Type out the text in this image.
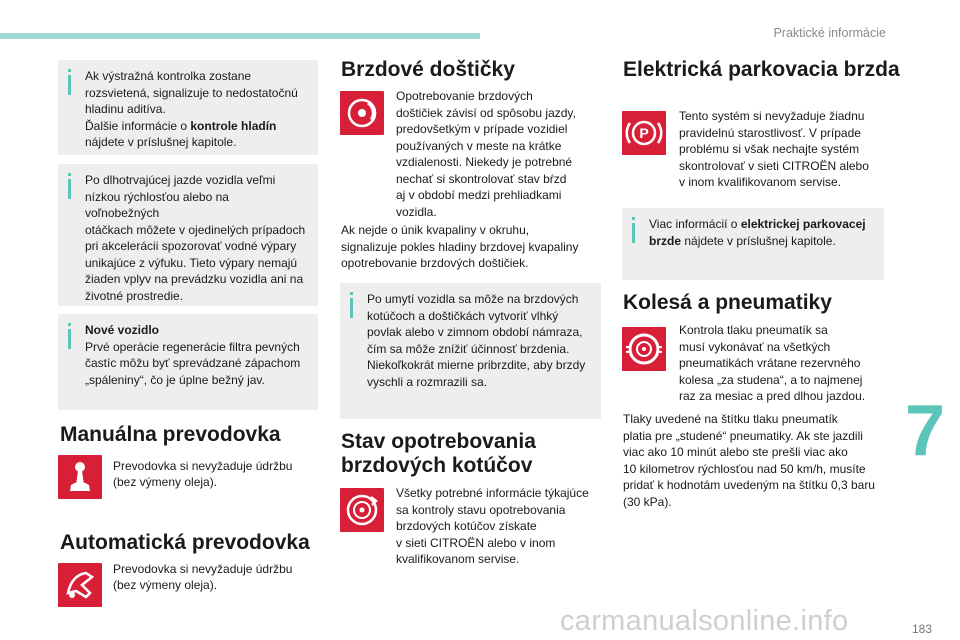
Praktické informácie
7
183
carmanualsonline.info

Ak výstražná kontrolka zostane

rozsvietená, signalizuje to nedostatočnú

hladinu aditíva.

Ďalšie informácie o kontrole hladín

nájdete v príslušnej kapitole.

Po dlhotrvajúcej jazde vozidla veľmi

nízkou rýchlosťou alebo na voľnobežných

otáčkach môžete v ojedinelých prípadoch

pri akcelerácii spozorovať vodné výpary

unikajúce z výfuku. Tieto výpary nemajú

žiaden vplyv na prevádzku vozidla ani na

životné prostredie.

Nové vozidlo

Prvé operácie regenerácie filtra pevných

častíc môžu byť sprevádzané zápachom

„spáleniny“, čo je úplne bežný jav.

Manuálna prevodovka

Prevodovka si nevyžaduje údržbu

(bez výmeny oleja).

Automatická prevodovka

Prevodovka si nevyžaduje údržbu

(bez výmeny oleja).

Brzdové doštičky

Opotrebovanie brzdových

doštičiek závisí od spôsobu jazdy,

predovšetkým v prípade vozidiel

používaných v meste na krátke

vzdialenosti. Niekedy je potrebné

nechať si skontrolovať stav bŕzd

aj v období medzi prehliadkami

vozidla.

Ak nejde o únik kvapaliny v okruhu,

signalizuje pokles hladiny brzdovej kvapaliny

opotrebovanie brzdových doštičiek.

Po umytí vozidla sa môže na brzdových

kotúčoch a doštičkách vytvoriť vlhký

povlak alebo v zimnom období námraza,

čím sa môže znížiť účinnosť brzdenia.

Niekoľkokrát mierne pribrzdite, aby brzdy

vyschli a rozmrazili sa.

Stav opotrebovania
brzdových kotúčov

Všetky potrebné informácie týkajúce

sa kontroly stavu opotrebovania

brzdových kotúčov získate

v sieti CITROËN alebo v inom

kvalifikovanom servise.

Elektrická parkovacia brzda
P

Tento systém si nevyžaduje žiadnu

pravidelnú starostlivosť. V prípade

problému si však nechajte systém

skontrolovať v sieti CITROËN alebo

v inom kvalifikovanom servise.

Viac informácií o elektrickej parkovacej

brzde nájdete v príslušnej kapitole.

Kolesá a pneumatiky

Kontrola tlaku pneumatík sa

musí vykonávať na všetkých

pneumatikách vrátane rezervného

kolesa „za studena“, a to najmenej

raz za mesiac a pred dlhou jazdou.

Tlaky uvedené na štítku tlaku pneumatík

platia pre „studené“ pneumatiky. Ak ste jazdili

viac ako 10 minút alebo ste prešli viac ako

10 kilometrov rýchlosťou nad 50 km/h, musíte

pridať k hodnotám uvedeným na štítku 0,3 baru

(30 kPa).
